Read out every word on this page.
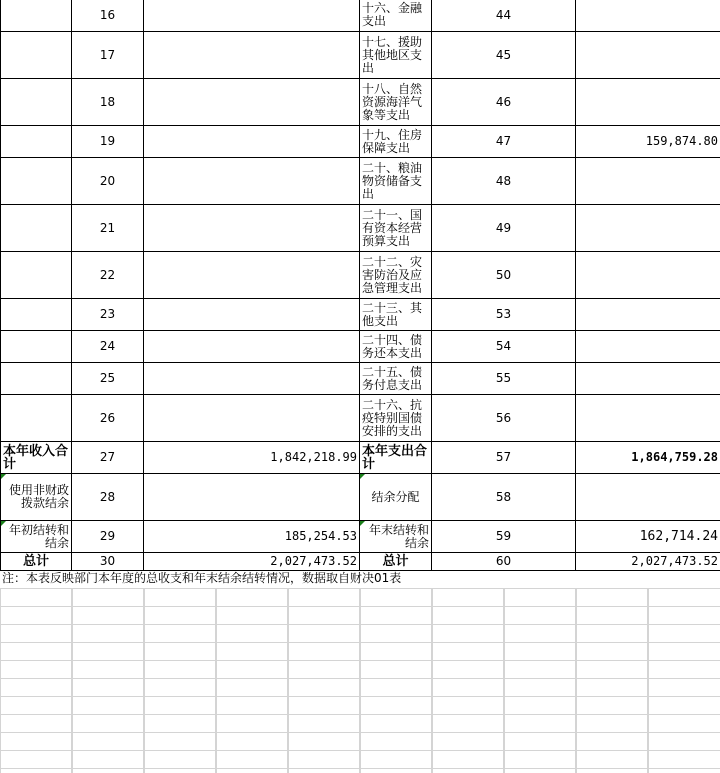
	16		十六、金融支出	44	
	17		十七、援助其他地区支出	45	
	18		十八、自然资源海洋气象等支出	46	
	19		十九、住房保障支出	47	159,874.80
	20		二十、粮油物资储备支出	48	
	21		二十一、国有资本经营预算支出	49	
	22		二十二、灾害防治及应急管理支出	50	
	23		二十三、其他支出	53	
	24		二十四、债务还本支出	54	
	25		二十五、债务付息支出	55	
	26		二十六、抗疫特别国债安排的支出	56	
本年收入合计	27	1,842,218.99	本年支出合计	57	1,864,759.28
使用非财政拨款结余	28		结余分配	58	
年初结转和结余	29	185,254.53	年末结转和结余	59	162,714.24
总计	30	2,027,473.52	总计	60	2,027,473.52
注：本表反映部门本年度的总收支和年末结余结转情况，数据取自财决01表
